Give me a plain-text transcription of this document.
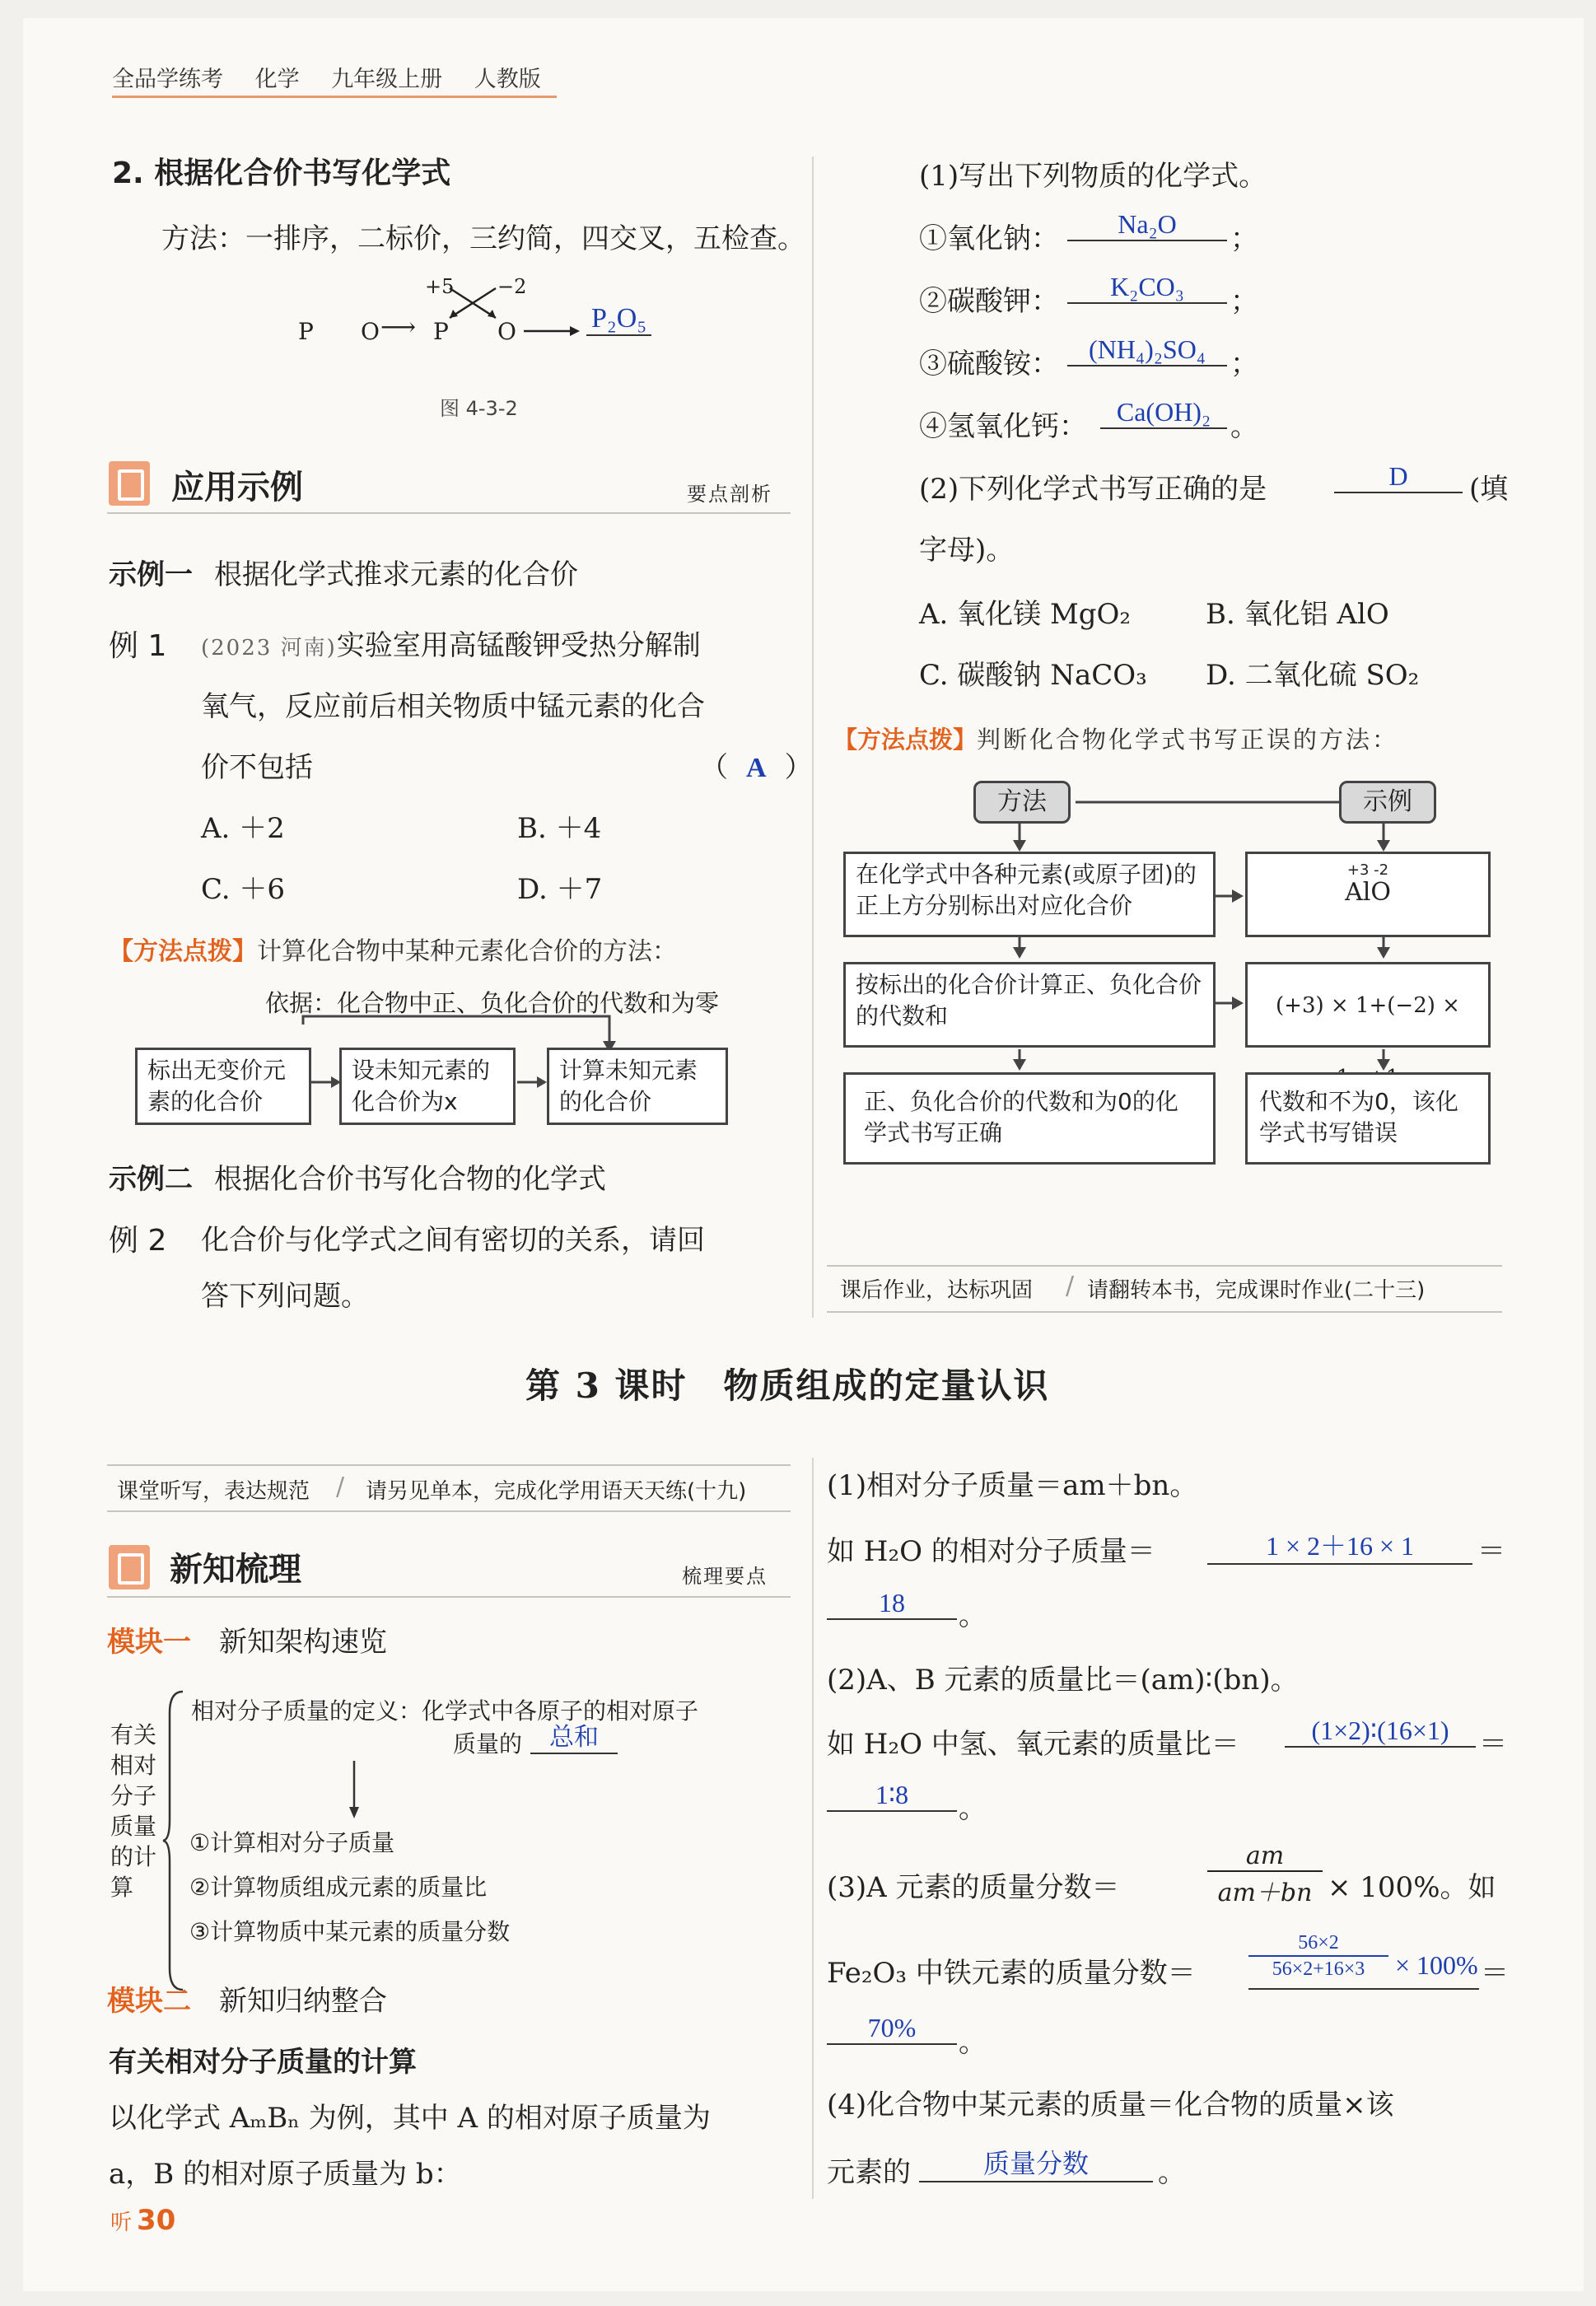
全品学练考 化学 九年级上册 人教版
2. 根据化合价书写化学式
方法：一排序，二标价，三约简，四交叉，五检查。
P O ⟶ P O
+5 −2
P₂O₅
图 4-3-2
应用示例	要点剖析
示例一 根据化学式推求元素的化合价
例 1 (2023 河南)实验室用高锰酸钾受热分解制
氧气，反应前后相关物质中锰元素的化合
价不包括	（ A ）
A. ＋2	B. ＋4
C. ＋6	D. ＋7
【方法点拨】计算化合物中某种元素化合价的方法：
依据：化合物中正、负化合价的代数和为零
标出无变价元素的化合价
设未知元素的化合价为x
计算未知元素的化合价
示例二 根据化合价书写化合物的化学式
例 2 化合价与化学式之间有密切的关系，请回
答下列问题。
(1)写出下列物质的化学式。
①氧化钠：	Na₂O	；
②碳酸钾：	K₂CO₃	；
③硫酸铵：	(NH₄)₂SO₄ ；
④氢氧化钙：	Ca(OH)₂ 。
(2)下列化学式书写正确的是	D	(填
字母)。
A. 氧化镁 MgO₂	B. 氧化铝 AlO
C. 碳酸钠 NaCO₃ D. 二氧化硫 SO₂
【方法点拨】判断化合物化学式书写正误的方法：
方法	示例
在化学式中各种元素(或原子团)的正上方分别标出对应化合价
+3 -2
AlO
按标出的化合价计算正、负化合价的代数和	(+3) × 1+(−2) ×
正、负化合价的代数和为0的化学式书写正确
代数和不为0，该化学式书写错误
课后作业，达标巩固 / 请翻转本书，完成课时作业(二十三)
第 3 课时　物质组成的定量认识
课堂听写，表达规范 / 请另见单本，完成化学用语天天练(十九)
新知梳理	梳理要点
模块一 新知架构速览
有关相对分子质量的计算
相对分子质量的定义：化学式中各原子的相对原子
质量的	总和
①计算相对分子质量
②计算物质组成元素的质量比
③计算物质中某元素的质量分数
模块二 新知归纳整合
有关相对分子质量的计算
以化学式 AₘBₙ 为例，其中 A 的相对原子质量为
a，B 的相对原子质量为 b：
听 30
(1)相对分子质量＝am＋bn。
如 H₂O 的相对分子质量＝	1 × 2＋16 × 1	＝
18	。
(2)A、B 元素的质量比＝(am)∶(bn)。
如 H₂O 中氢、氧元素的质量比＝	(1×2)∶(16×1)	＝
1∶8	。
(3)A 元素的质量分数＝	$\frac{am}{am+bn} \times 100\%$。如
Fe₂O₃ 中铁元素的质量分数＝	$\frac{56\times 2}{56\times 2+16\times 3} \times 100\%$ ＝
70%	。
(4)化合物中某元素的质量＝化合物的质量×该
元素的	质量分数	。
